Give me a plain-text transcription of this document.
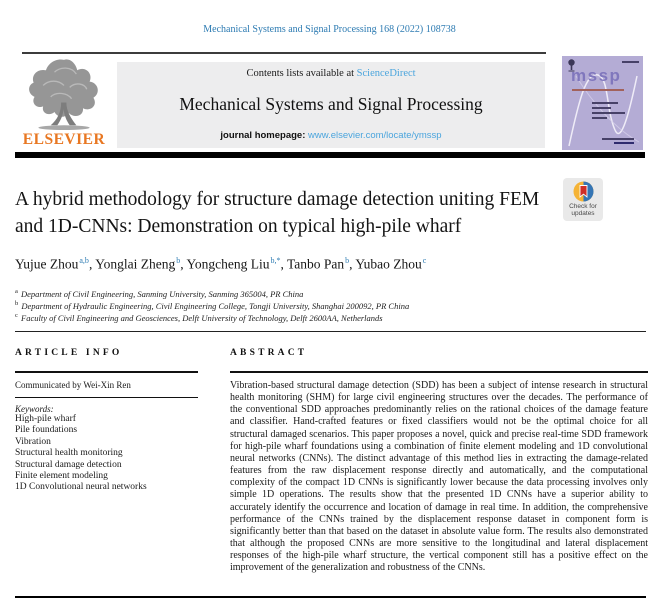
Mechanical Systems and Signal Processing 168 (2022) 108738
ELSEVIER
Contents lists available at ScienceDirect
Mechanical Systems and Signal Processing
journal homepage: www.elsevier.com/locate/ymssp
mssp
A hybrid methodology for structure damage detection uniting FEM and 1D-CNNs: Demonstration on typical high-pile wharf
Check for
updates
Yujue Zhou$^{a,b}$, Yonglai Zheng$^b$, Yongcheng Liu$^{b,*}$, Tanbo Pan$^b$, Yubao Zhou$^c$
$^a$ Department of Civil Engineering, Sanming University, Sanming 365004, PR China
$^b$ Department of Hydraulic Engineering, Civil Engineering College, Tongji University, Shanghai 200092, PR China
$^c$ Faculty of Civil Engineering and Geosciences, Delft University of Technology, Delft 2600AA, Netherlands
ARTICLE INFO
Communicated by Wei-Xin Ren
Keywords:
High-pile wharf
Pile foundations
Vibration
Structural health monitoring
Structural damage detection
Finite element modeling
1D Convolutional neural networks
ABSTRACT

Vibration-based structural damage detection (SDD) has been a subject of intense research in structural health monitoring (SHM) for large civil engineering structures over the decades. The performance of the conventional SDD approaches predominantly relies on the rational choices of the damage feature and classifier. Hand-crafted features or fixed classifiers would not be the optimal choice for all structural damaged scenarios. This paper proposes a novel, quick and precise real-time SDD framework for high-pile wharf foundations using a combination of finite element modeling and 1D convolutional neural networks (CNNs). The distinct advantage of this method lies in extracting the damage-related features from the raw displacement response directly and automatically, and the computational complexity of the compact 1D CNNs is significantly lower because the data processing involves only simple 1D operations. The results show that the presented 1D CNNs have a superior ability to accurately identify the occurrence and location of damage in real time. In addition, the comprehensive performance of the CNNs trained by the displacement response dataset in component form is significantly better than that based on the dataset in absolute value form. The results also demonstrated that although the proposed CNNs are more sensitive to the longitudinal and lateral displacement responses of the high-pile wharf structure, the vertical component still has a positive effect on the improvement of the generalization and robustness of the CNNs.
